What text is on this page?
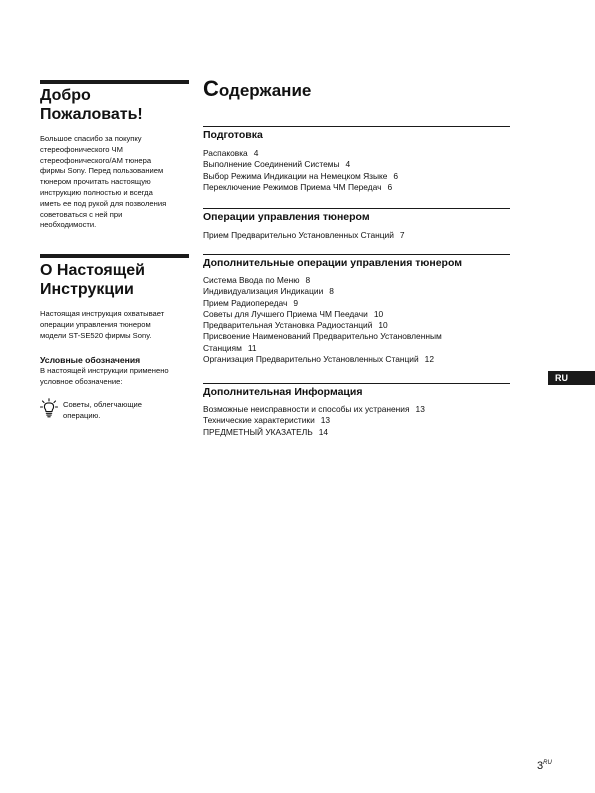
Добро

Пожаловать!

Большое спасибо за покупку

стереофонического ЧМ

стереофонического/АМ тюнера

фирмы Sony. Перед пользованием

тюнером прочитать настоящую

инструкцию полностью и всегда

иметь ее под рукой для позволения

советоваться с ней при

необходимости.

О Настоящей

Инструкции

Настоящая инструкция охватывает

операции управления тюнером

модели ST-SE520 фирмы Sony.

Условные обозначения

В настоящей инструкции применено

условное обозначение:

Советы, облегчающие
операцию.
Содержание

Подготовка

Распаковка 4

Выполнение Соединений Системы 4

Выбор Режима Индикации на Немецком Языке 6

Переключение Режимов Приема ЧМ Передач 6

Операции управления тюнером

Прием Предварительно Установленных Станций 7

Дополнительные операции управления тюнером

Система Ввода по Меню 8

Индивидуализация Индикации 8

Прием Радиопередач 9

Советы для Лучшего Приема ЧМ Пеедачи 10

Предварительная Установка Радиостанций 10

Присвоение Наименований Предварительно Установленным

Станциям 11

Организация Предварительно Установленных Станций 12

Дополнительная Информация

Возможные неисправности и способы их устранения 13

Технические характеристики 13

ПРЕДМЕТНЫЙ УКАЗАТЕЛЬ 14

RU
$3^{RU}$
